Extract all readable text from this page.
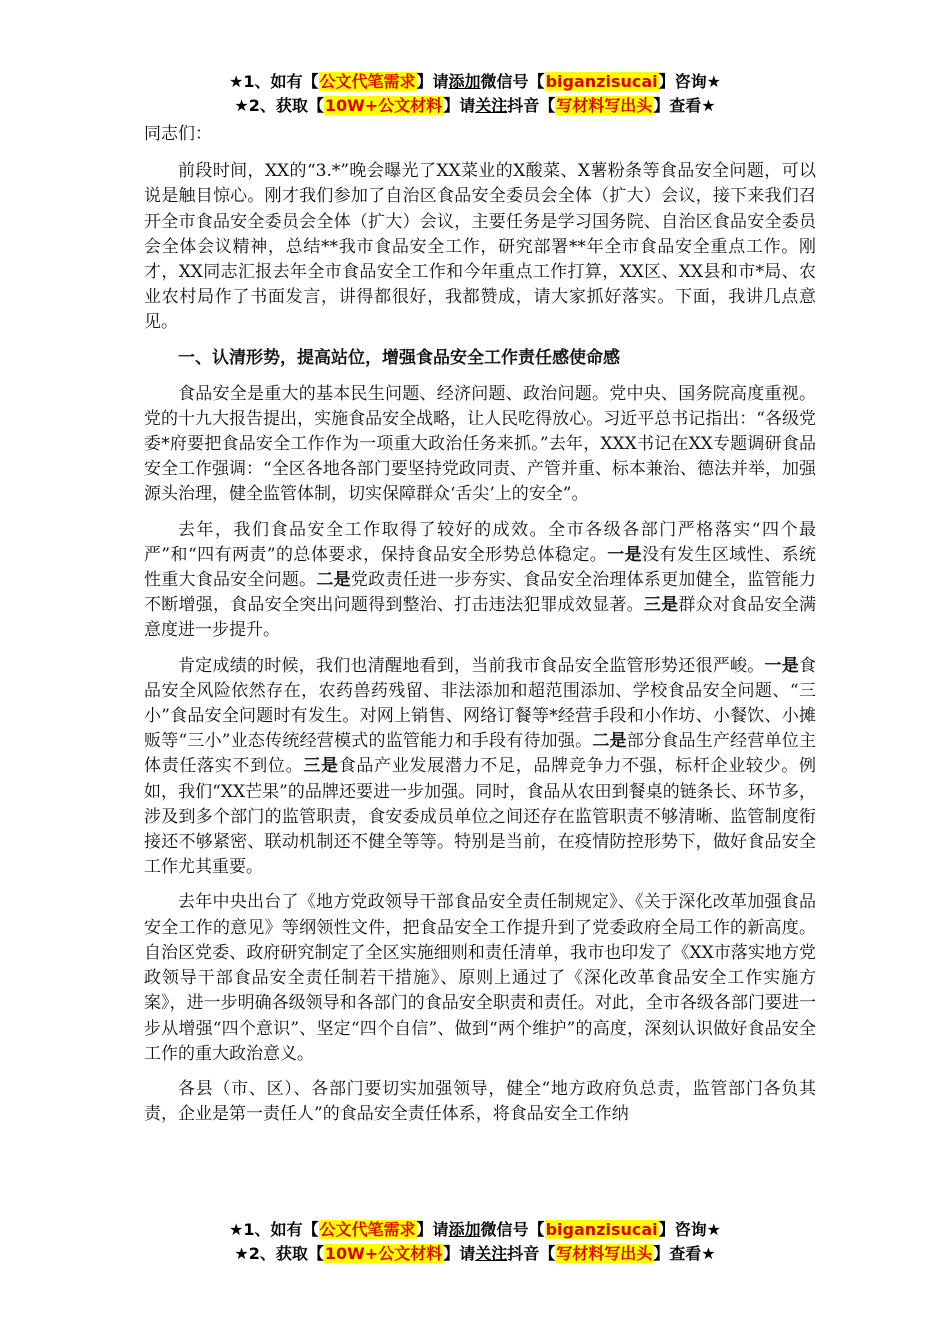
★1、如有【公文代笔需求】请添加微信号【biganzisucai】咨询★
★2、获取【10W+公文材料】请关注抖音【写材料写出头】查看★

同志们：

前段时间，XX的“3.*”晚会曝光了XX菜业的X酸菜、X薯粉条等食品安全问题，可以说是触目惊心。刚才我们参加了自治区食品安全委员会全体（扩大）会议，接下来我们召开全市食品安全委员会全体（扩大）会议，主要任务是学习国务院、自治区食品安全委员会全体会议精神，总结**我市食品安全工作，研究部署**年全市食品安全重点工作。刚才，XX同志汇报去年全市食品安全工作和今年重点工作打算，XX区、XX县和市*局、农业农村局作了书面发言，讲得都很好，我都赞成，请大家抓好落实。下面，我讲几点意见。

一、认清形势，提高站位，增强食品安全工作责任感使命感

食品安全是重大的基本民生问题、经济问题、政治问题。党中央、国务院高度重视。党的十九大报告提出，实施食品安全战略，让人民吃得放心。习近平总书记指出：“各级党委*府要把食品安全工作作为一项重大政治任务来抓。”去年，XXX书记在XX专题调研食品安全工作强调：“全区各地各部门要坚持党政同责、产管并重、标本兼治、德法并举，加强源头治理，健全监管体制，切实保障群众‘舌尖’上的安全”。

去年，我们食品安全工作取得了较好的成效。全市各级各部门严格落实“四个最严”和“四有两责”的总体要求，保持食品安全形势总体稳定。一是没有发生区域性、系统性重大食品安全问题。二是党政责任进一步夯实、食品安全治理体系更加健全，监管能力不断增强，食品安全突出问题得到整治、打击违法犯罪成效显著。三是群众对食品安全满意度进一步提升。

肯定成绩的时候，我们也清醒地看到，当前我市食品安全监管形势还很严峻。一是食品安全风险依然存在，农药兽药残留、非法添加和超范围添加、学校食品安全问题、“三小”食品安全问题时有发生。对网上销售、网络订餐等*经营手段和小作坊、小餐饮、小摊贩等“三小”业态传统经营模式的监管能力和手段有待加强。二是部分食品生产经营单位主体责任落实不到位。三是食品产业发展潜力不足，品牌竞争力不强，标杆企业较少。例如，我们“XX芒果”的品牌还要进一步加强。同时，食品从农田到餐桌的链条长、环节多，涉及到多个部门的监管职责，食安委成员单位之间还存在监管职责不够清晰、监管制度衔接还不够紧密、联动机制还不健全等等。特别是当前，在疫情防控形势下，做好食品安全工作尤其重要。

去年中央出台了《地方党政领导干部食品安全责任制规定》、《关于深化改革加强食品安全工作的意见》等纲领性文件，把食品安全工作提升到了党委政府全局工作的新高度。自治区党委、政府研究制定了全区实施细则和责任清单，我市也印发了《XX市落实地方党政领导干部食品安全责任制若干措施》、原则上通过了《深化改革食品安全工作实施方案》，进一步明确各级领导和各部门的食品安全职责和责任。对此，全市各级各部门要进一步从增强“四个意识”、坚定“四个自信”、做到“两个维护”的高度，深刻认识做好食品安全工作的重大政治意义。

各县（市、区）、各部门要切实加强领导，健全“地方政府负总责，监管部门各负其责，企业是第一责任人”的食品安全责任体系，将食品安全工作纳

★1、如有【公文代笔需求】请添加微信号【biganzisucai】咨询★
★2、获取【10W+公文材料】请关注抖音【写材料写出头】查看★
